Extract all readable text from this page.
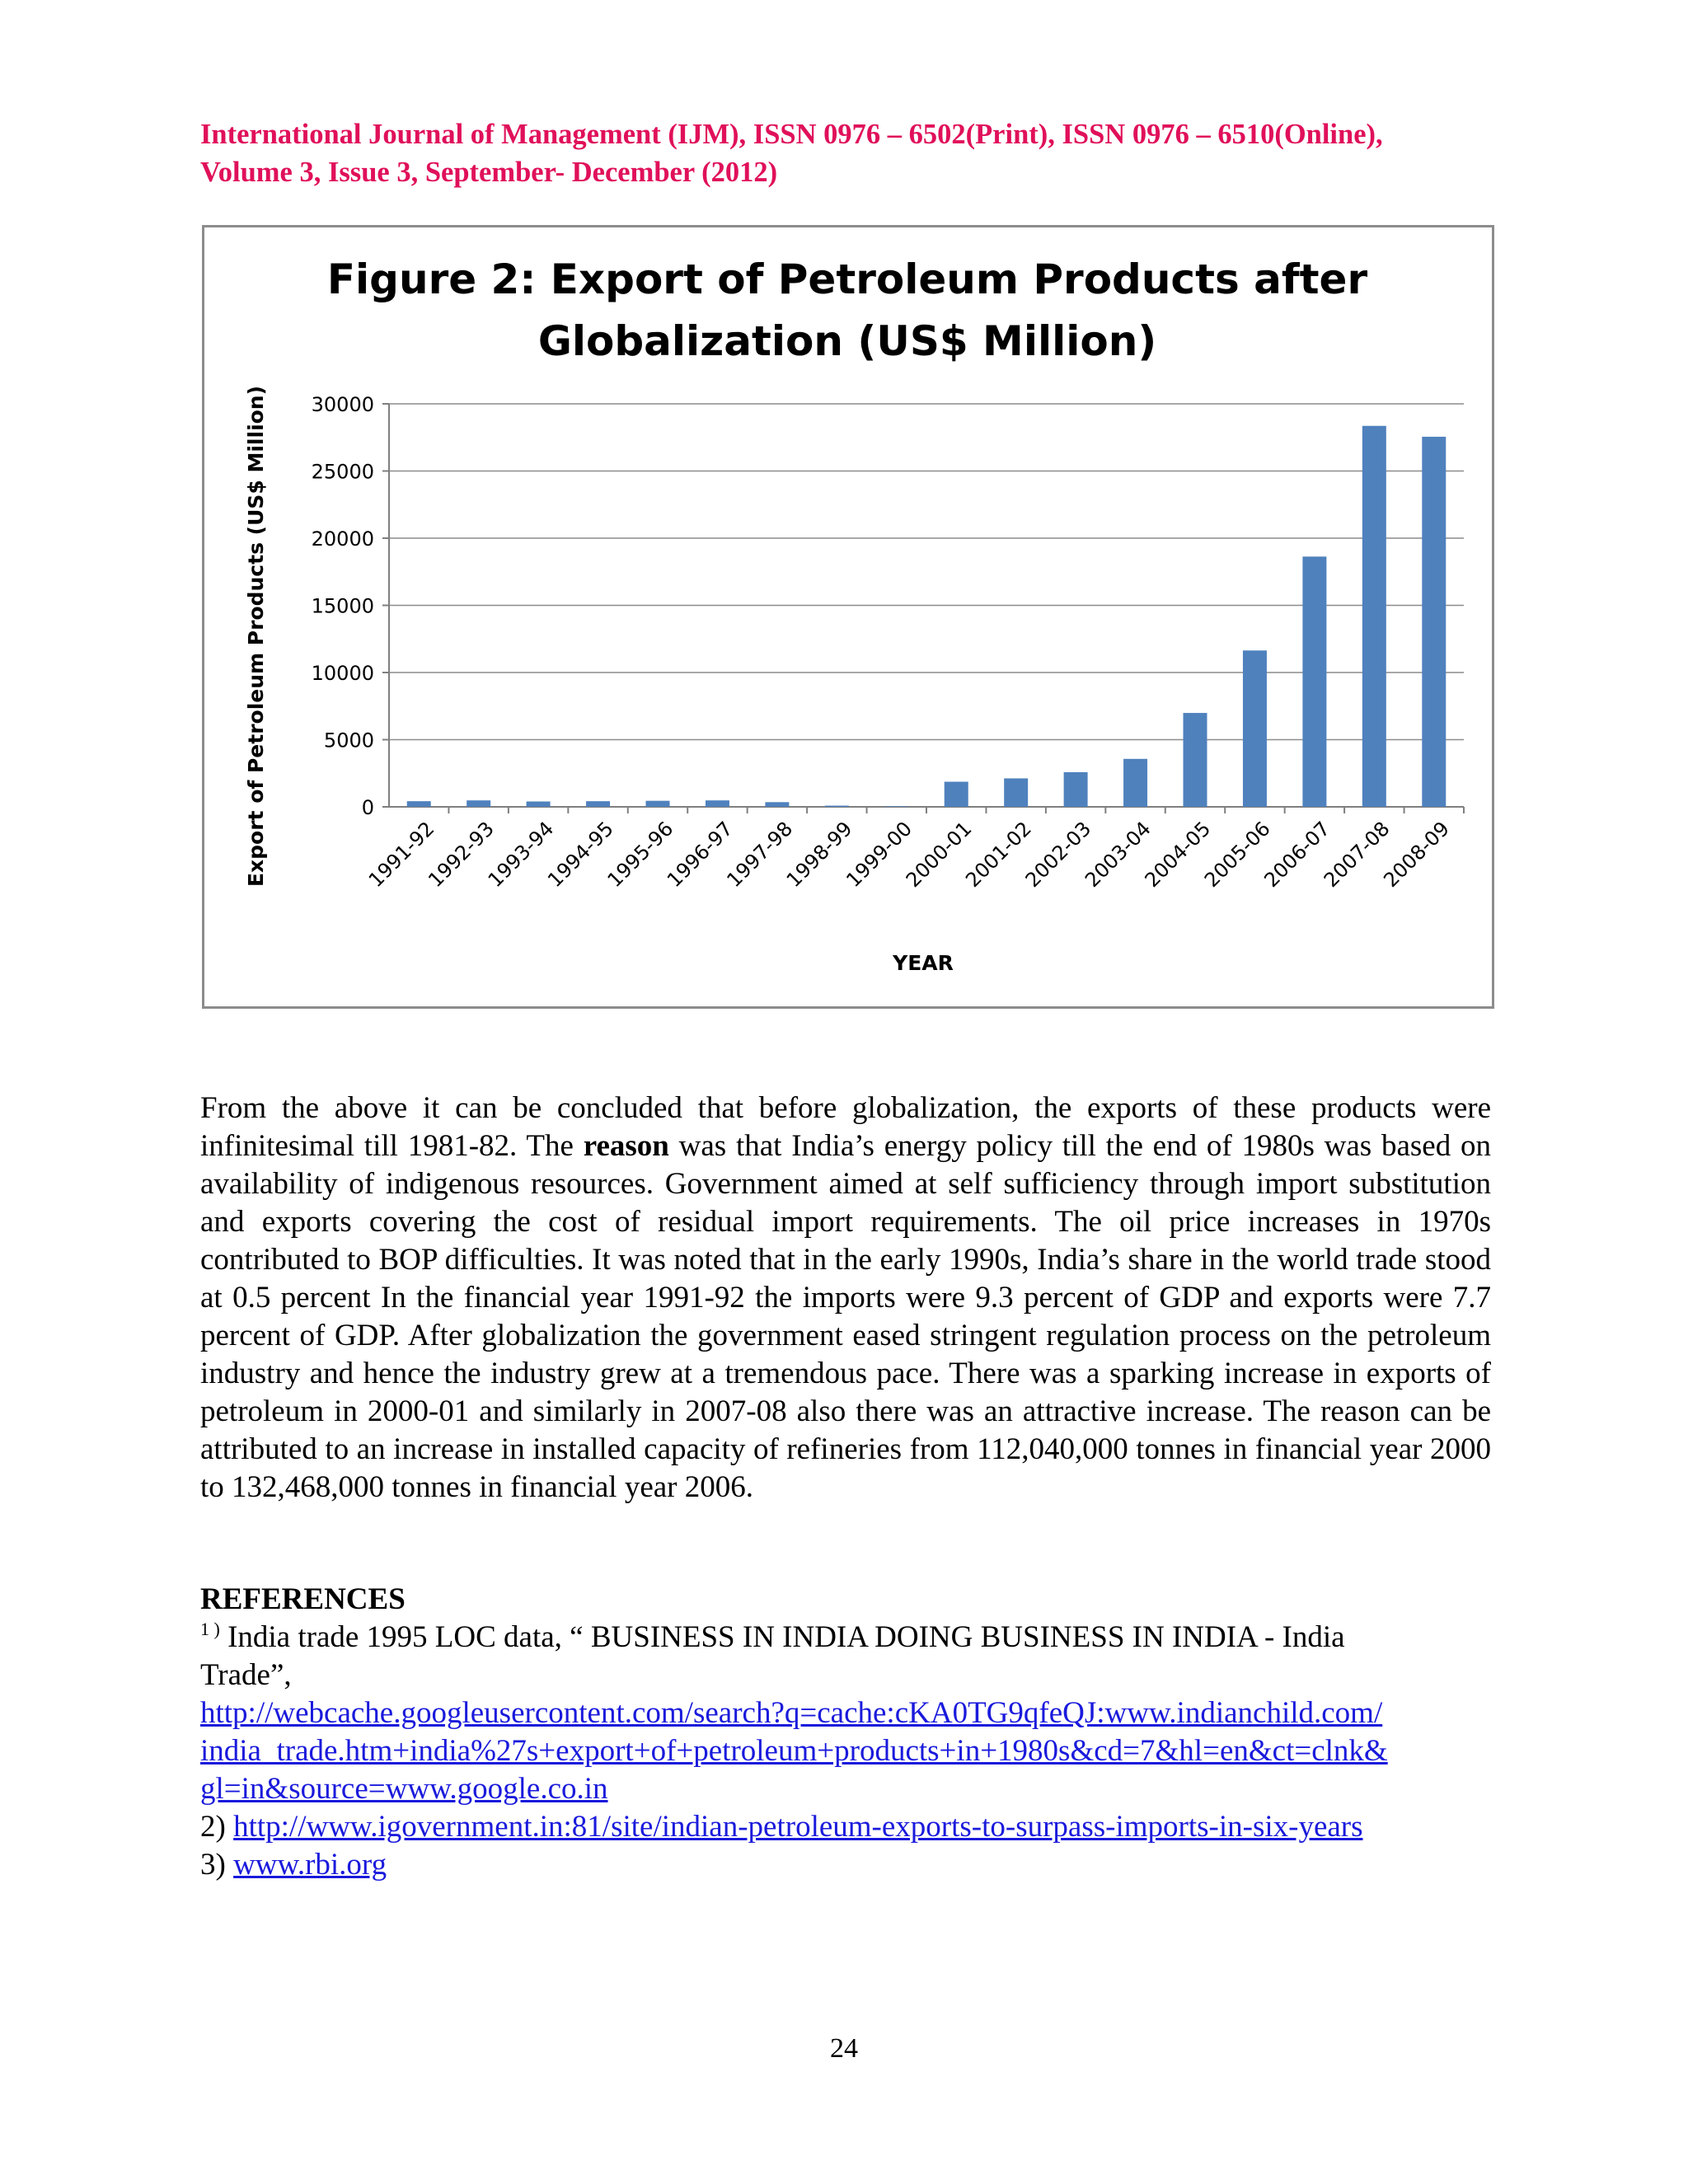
International Journal of Management (IJM), ISSN 0976 – 6502(Print), ISSN 0976 – 6510(Online),
Volume 3, Issue 3, September- December (2012)
Figure 2: Export of Petroleum Products after
Globalization (US$ Million)
0
5000
10000
15000
20000
25000
30000
1991-92
1992-93
1993-94
1994-95
1995-96
1996-97
1997-98
1998-99
1999-00
2000-01
2001-02
2002-03
2003-04
2004-05
2005-06
2006-07
2007-08
2008-09
YEAR
Export of Petroleum Products (US$ Million)
From the above it can be concluded that before globalization, the exports of these products were infinitesimal till 1981-82. The reason was that India’s energy policy till the end of 1980s was based on availability of indigenous resources. Government aimed at self sufficiency through import substitution and exports covering the cost of residual import requirements. The oil price increases in 1970s contributed to BOP difficulties. It was noted that in the early 1990s, India’s share in the world trade stood at 0.5 percent In the financial year 1991-92 the imports were 9.3 percent of GDP and exports were 7.7 percent of GDP. After globalization the government eased stringent regulation process on the petroleum industry and hence the industry grew at a tremendous pace. There was a sparking increase in exports of petroleum in 2000-01 and similarly in 2007-08 also there was an attractive increase. The reason can be attributed to an increase in installed capacity of refineries from 112,040,000 tonnes in financial year 2000 to 132,468,000 tonnes in financial year 2006.
REFERENCES
$^{1 )}$ India trade 1995 LOC data, “ BUSINESS IN INDIA DOING BUSINESS IN INDIA - India
Trade”,
http://webcache.googleusercontent.com/search?q=cache:cKA0TG9qfeQJ:www.indianchild.com/
india_trade.htm+india%27s+export+of+petroleum+products+in+1980s&cd=7&hl=en&ct=clnk&
gl=in&source=www.google.co.in
2) http://www.igovernment.in:81/site/indian-petroleum-exports-to-surpass-imports-in-six-years
3) www.rbi.org
24
